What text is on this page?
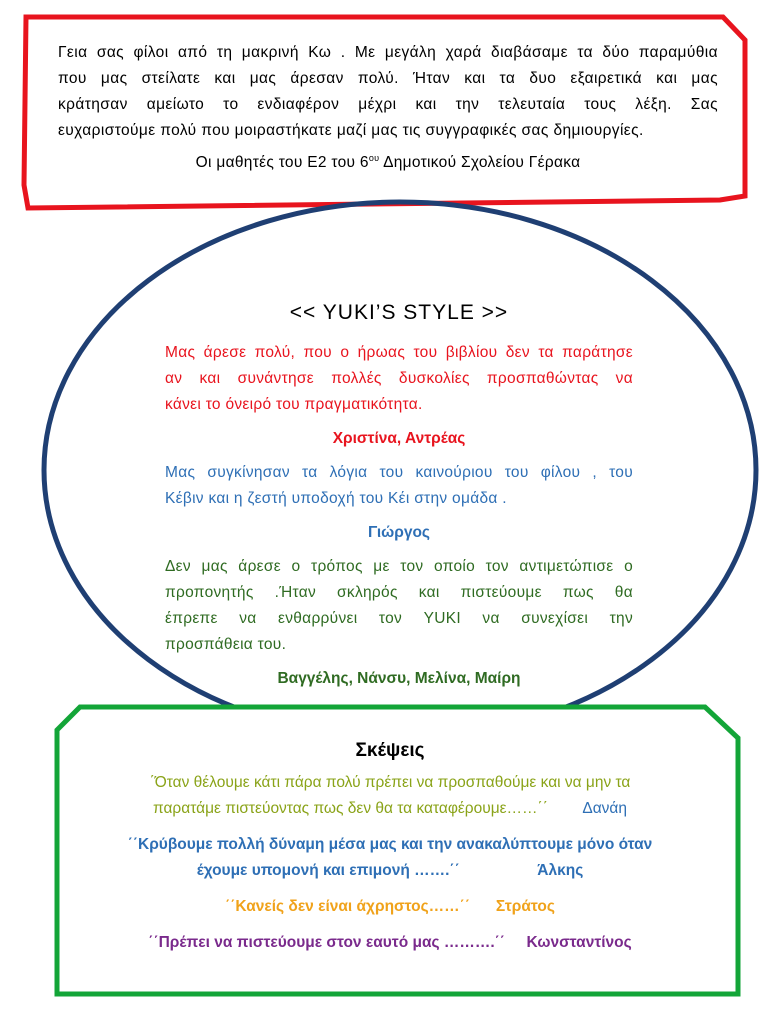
Γεια σας φίλοι από τη μακρινή Κω . Με μεγάλη χαρά διαβάσαμε τα δύο παραμύθια
που μας στείλατε και μας άρεσαν πολύ. Ήταν και τα δυο εξαιρετικά και μας
κράτησαν αμείωτο το ενδιαφέρον μέχρι και την τελευταία τους λέξη. Σας
ευχαριστούμε πολύ που μοιραστήκατε μαζί μας τις συγγραφικές σας δημιουργίες.
Οι μαθητές του Ε2 του $6^{o\upsilon}$ Δημοτικού Σχολείου Γέρακα
<< YUKI’S STYLE >>
Μας άρεσε πολύ, που ο ήρωας του βιβλίου δεν τα παράτησε
αν και συνάντησε πολλές δυσκολίες προσπαθώντας να
κάνει το όνειρό του πραγματικότητα.
Χριστίνα, Αντρέας
Μας συγκίνησαν τα λόγια του καινούριου του φίλου , του
Κέβιν και η ζεστή υποδοχή του Κέι στην ομάδα .
Γιώργος
Δεν μας άρεσε ο τρόπος με τον οποίο τον αντιμετώπισε ο
προπονητής .Ήταν σκληρός και πιστεύουμε πως θα
έπρεπε να ενθαρρύνει τον YUKI να συνεχίσει την
προσπάθεια του.
Βαγγέλης, Νάνσυ, Μελίνα, Μαίρη
Σκέψεις
΄Όταν θέλουμε κάτι πάρα πολύ πρέπει να προσπαθούμε και να μην τα
παρατάμε πιστεύοντας πως δεν θα τα καταφέρουμε……΄΄ Δανάη
΄΄Κρύβουμε πολλή δύναμη μέσα μας και την ανακαλύπτουμε μόνο όταν
έχουμε υπομονή και επιμονή …….΄΄	Άλκης
΄΄Κανείς δεν είναι άχρηστος……΄΄ Στράτος
΄΄Πρέπει να πιστεύουμε στον εαυτό μας ……….΄΄ Κωνσταντίνος
